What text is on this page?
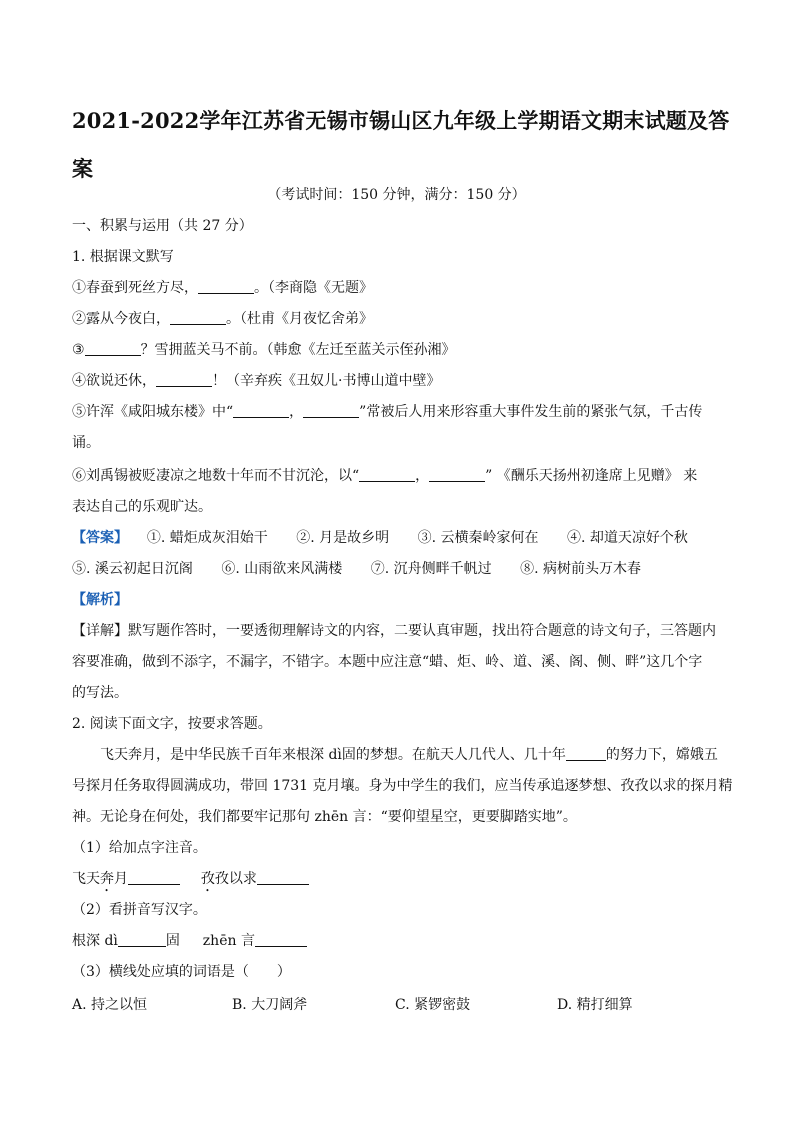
2021-2022学年江苏省无锡市锡山区九年级上学期语文期末试题及答案
（考试时间：150 分钟，满分：150 分）
一、积累与运用（共 27 分）
1. 根据课文默写
①春蚕到死丝方尽，	。（李商隐《无题》
②露从今夜白，	。（杜甫《月夜忆舍弟》
③	？雪拥蓝关马不前。（韩愈《左迁至蓝关示侄孙湘》
④欲说还休，	！（辛弃疾《丑奴儿·书博山道中壁》
⑤许浑《咸阳城东楼》中“	，	”常被后人用来形容重大事件发生前的紧张气氛，千古传
诵。
⑥刘禹锡被贬凄凉之地数十年而不甘沉沦，以“	，	” 《酬乐天扬州初逢席上见赠》 来
表达自己的乐观旷达。
【答案】 ①. 蜡炬成灰泪始干 ②. 月是故乡明 ③. 云横秦岭家何在 ④. 却道天凉好个秋
⑤. 溪云初起日沉阁 ⑥. 山雨欲来风满楼 ⑦. 沉舟侧畔千帆过 ⑧. 病树前头万木春
【解析】
【详解】默写题作答时，一要透彻理解诗文的内容，二要认真审题，找出符合题意的诗文句子，三答题内
容要准确，做到不添字，不漏字，不错字。本题中应注意“蜡、炬、岭、道、溪、阁、侧、畔”这几个字
的写法。
2. 阅读下面文字，按要求答题。
飞天奔月，是中华民族千百年来根深 dì固的梦想。在航天人几代人、几十年	的努力下，嫦娥五
号探月任务取得圆满成功，带回 1731 克月壤。身为中学生的我们，应当传承追逐梦想、孜孜以求的探月精
神。无论身在何处，我们都要牢记那句 zhēn 言：“要仰望星空，更要脚踏实地”。
（1）给加点字注音。
飞天奔月	孜孜以求
（2）看拼音写汉字。
根深 dì	固 zhēn 言
（3）横线处应填的词语是（　　）
A. 持之以恒	B. 大刀阔斧	C. 紧锣密鼓	D. 精打细算
